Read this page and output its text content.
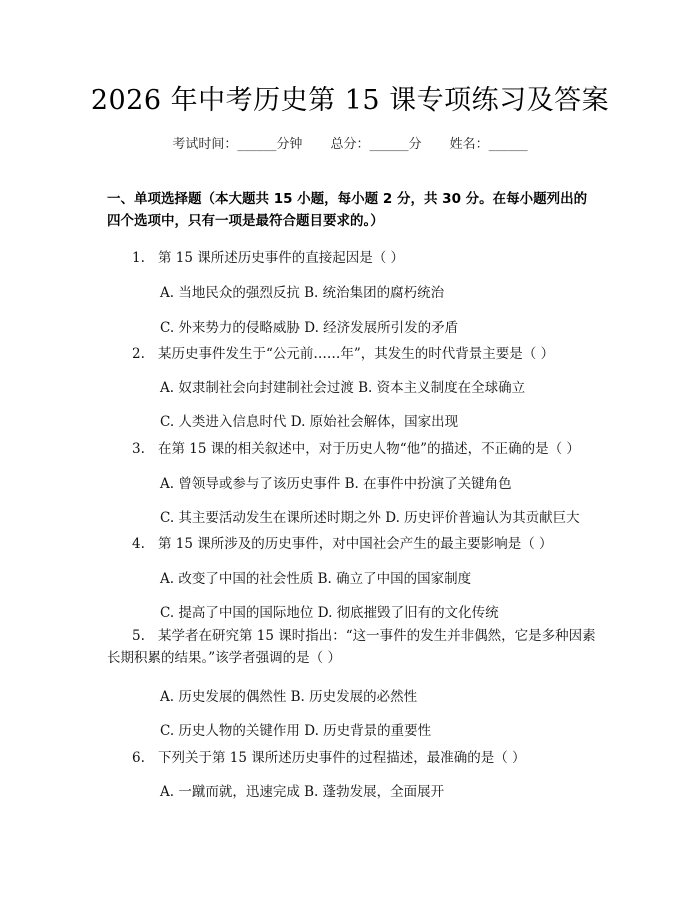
2026 年中考历史第 15 课专项练习及答案
考试时间：______分钟 总分：______分 姓名：______
一、单项选择题（本大题共 15 小题，每小题 2 分，共 30 分。在每小题列出的四个选项中，只有一项是最符合题目要求的。）
1. 第 15 课所述历史事件的直接起因是（ ）
A. 当地民众的强烈反抗 B. 统治集团的腐朽统治
C. 外来势力的侵略威胁 D. 经济发展所引发的矛盾
2. 某历史事件发生于“公元前……年”，其发生的时代背景主要是（ ）
A. 奴隶制社会向封建制社会过渡 B. 资本主义制度在全球确立
C. 人类进入信息时代 D. 原始社会解体，国家出现
3. 在第 15 课的相关叙述中，对于历史人物“他”的描述，不正确的是（ ）
A. 曾领导或参与了该历史事件 B. 在事件中扮演了关键角色
C. 其主要活动发生在课所述时期之外 D. 历史评价普遍认为其贡献巨大
4. 第 15 课所涉及的历史事件，对中国社会产生的最主要影响是（ ）
A. 改变了中国的社会性质 B. 确立了中国的国家制度
C. 提高了中国的国际地位 D. 彻底摧毁了旧有的文化传统
5. 某学者在研究第 15 课时指出：“这一事件的发生并非偶然，它是多种因素长期积累的结果。”该学者强调的是（ ）
A. 历史发展的偶然性 B. 历史发展的必然性
C. 历史人物的关键作用 D. 历史背景的重要性
6. 下列关于第 15 课所述历史事件的过程描述，最准确的是（ ）
A. 一蹴而就，迅速完成 B. 蓬勃发展，全面展开
